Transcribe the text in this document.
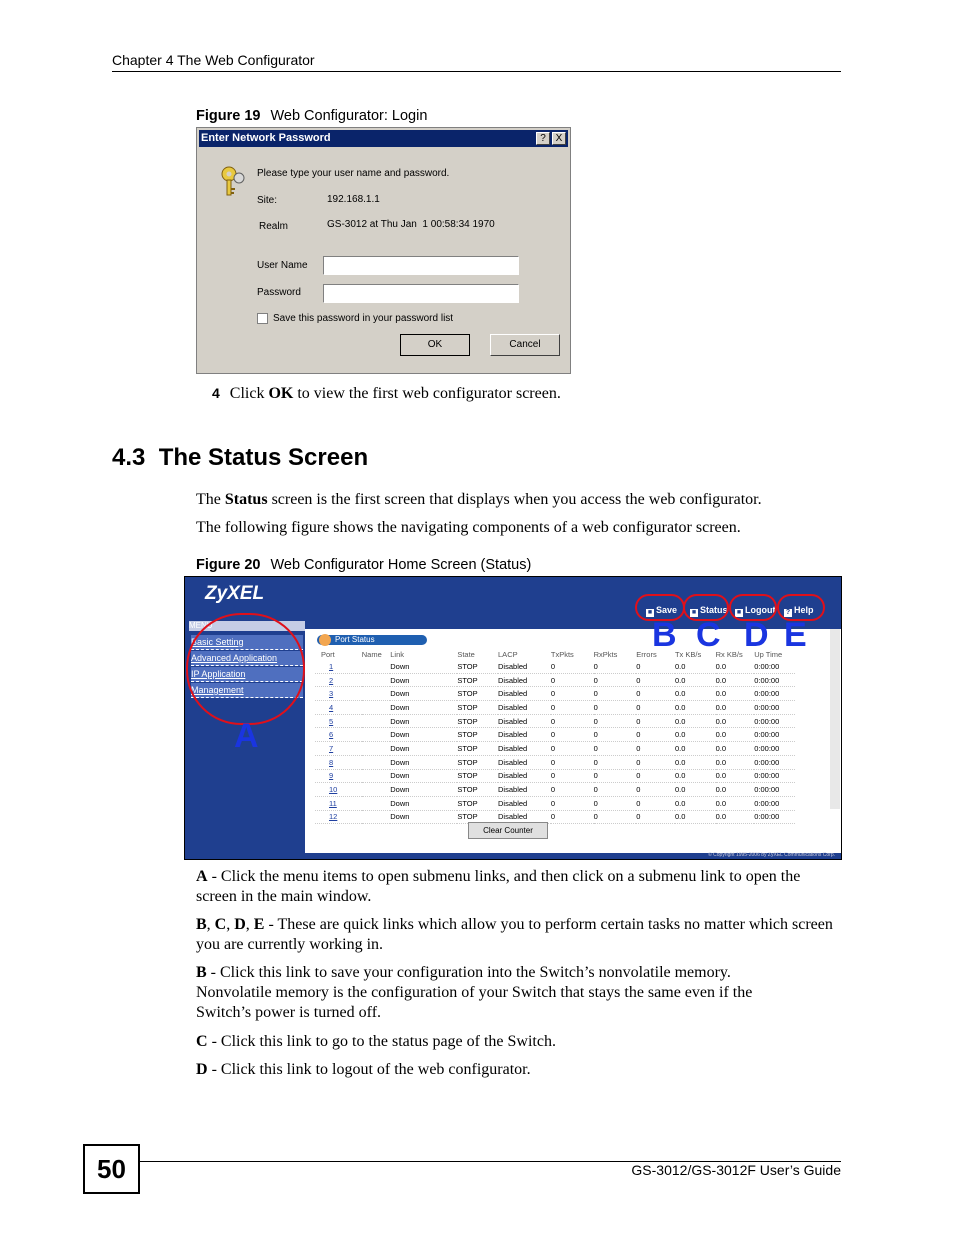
Chapter 4 The Web Configurator
Figure 19 Web Configurator: Login
Enter Network Password	? X
Please type your user name and password.
Site:	192.168.1.1
Realm	GS-3012 at Thu Jan  1 00:58:34 1970
User Name
Password
Save this password in your password list
OK	Cancel
4 Click OK to view the first web configurator screen.
4.3  The Status Screen
The Status screen is the first screen that displays when you access the web configurator.
The following figure shows the navigating components of a web configurator screen.
Figure 20 Web Configurator Home Screen (Status)
ZyXEL
■ Save ■ Status ■ Logout ? Help
MENU
Basic Setting
Advanced Application
IP Application
Management
Port Status
Port	Name	Link	State	LACP	TxPkts	RxPkts	Errors	Tx KB/s	Rx KB/s	Up Time
1		Down	STOP	Disabled	0	0	0	0.0	0.0	0:00:00
2		Down	STOP	Disabled	0	0	0	0.0	0.0	0:00:00
3		Down	STOP	Disabled	0	0	0	0.0	0.0	0:00:00
4		Down	STOP	Disabled	0	0	0	0.0	0.0	0:00:00
5		Down	STOP	Disabled	0	0	0	0.0	0.0	0:00:00
6		Down	STOP	Disabled	0	0	0	0.0	0.0	0:00:00
7		Down	STOP	Disabled	0	0	0	0.0	0.0	0:00:00
8		Down	STOP	Disabled	0	0	0	0.0	0.0	0:00:00
9		Down	STOP	Disabled	0	0	0	0.0	0.0	0:00:00
10		Down	STOP	Disabled	0	0	0	0.0	0.0	0:00:00
11		Down	STOP	Disabled	0	0	0	0.0	0.0	0:00:00
12		Down	STOP	Disabled	0	0	0	0.0	0.0	0:00:00
Clear Counter
© Copyright 1995-2006 by ZyXEL Communications Corp.
A
B C D E
A - Click the menu items to open submenu links, and then click on a submenu link to open the screen in the main window.
B, C, D, E - These are quick links which allow you to perform certain tasks no matter which screen you are currently working in.
B - Click this link to save your configuration into the Switch’s nonvolatile memory. Nonvolatile memory is the configuration of your Switch that stays the same even if the Switch’s power is turned off.
C - Click this link to go to the status page of the Switch.
D - Click this link to logout of the web configurator.
50	GS-3012/GS-3012F User’s Guide
